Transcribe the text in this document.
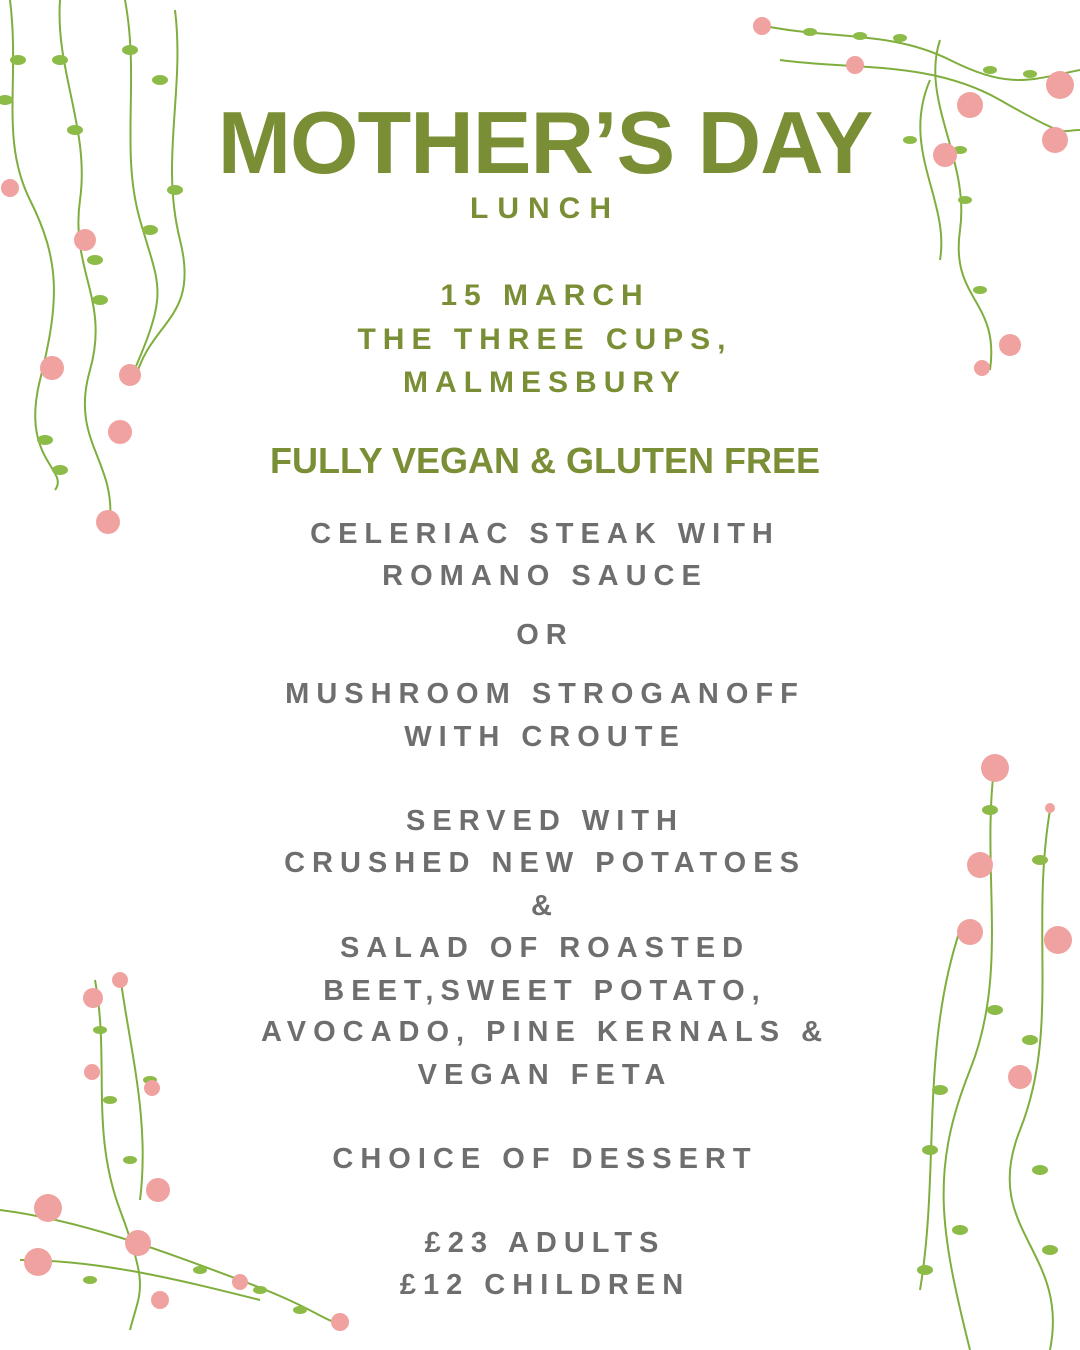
MOTHER’S DAY
LUNCH
15 MARCH
THE THREE CUPS,
MALMESBURY
FULLY VEGAN & GLUTEN FREE
CELERIAC STEAK WITH
ROMANO SAUCE
OR
MUSHROOM STROGANOFF
WITH CROUTE
SERVED WITH
CRUSHED NEW POTATOES
&
SALAD OF ROASTED
BEET,SWEET POTATO,
AVOCADO, PINE KERNALS &
VEGAN FETA
CHOICE OF DESSERT
£23 ADULTS
£12 CHILDREN
